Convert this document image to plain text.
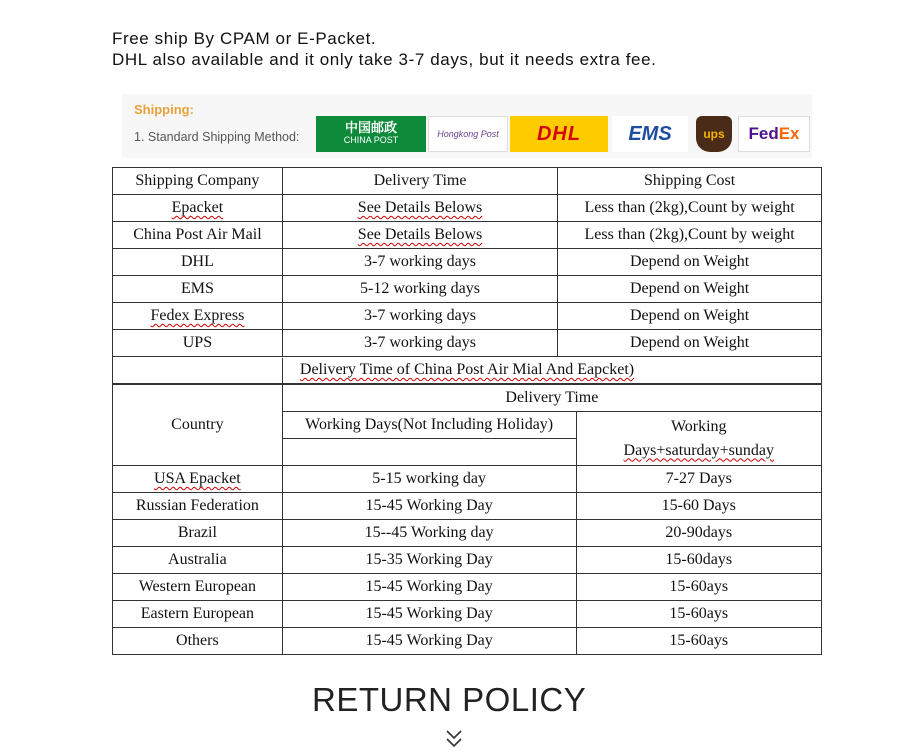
Free ship By CPAM or E-Packet.
DHL also available and it only take 3-7 days, but it needs extra fee.
Shipping:
1. Standard Shipping Method:
中国邮政
CHINA POST
Hongkong Post DHL EMS	ups Fed Ex
Shipping Company	Delivery Time	Shipping Cost
Epacket	See Details Belows	Less than (2kg),Count by weight
China Post Air Mail	See Details Belows	Less than (2kg),Count by weight
DHL	3-7 working days	Depend on Weight
EMS	5-12 working days	Depend on Weight
Fedex Express	3-7 working days	Depend on Weight
UPS	3-7 working days	Depend on Weight
Delivery Time of China Post Air Mial And Eapcket)		

Country	Delivery Time	
	Working Days(Not Including Holiday)	Working
Days+saturday+sunday

USA Epacket	5-15 working day	7-27 Days
Russian Federation	15-45 Working Day	15-60 Days
Brazil	15--45 Working day	20-90days
Australia	15-35 Working Day	15-60days
Western European	15-45 Working Day	15-60ays
Eastern European	15-45 Working Day	15-60ays
Others	15-45 Working Day	15-60ays
RETURN POLICY
